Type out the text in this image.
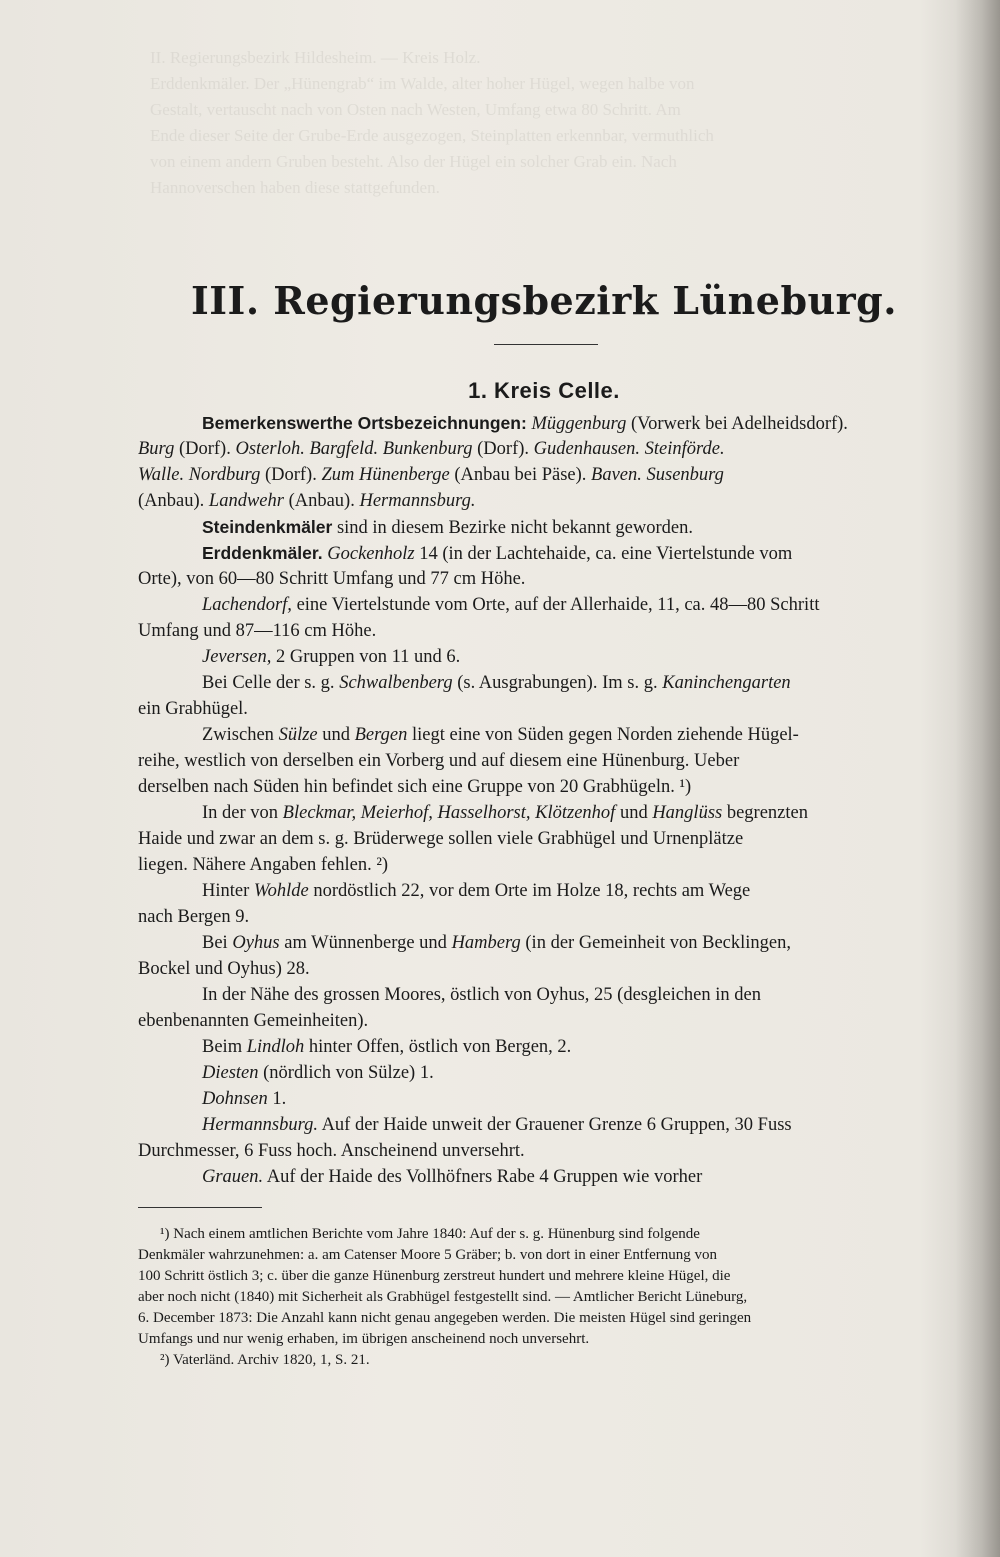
II. Regierungsbezirk Hildesheim. — Kreis Holz.
Erddenkmäler. Der „Hünengrab“ im Walde, alter hoher Hügel, wegen halbe von
Gestalt, vertauscht nach von Osten nach Westen, Umfang etwa 80 Schritt. Am
Ende dieser Seite der Grube-Erde ausgezogen, Steinplatten erkennbar, vermuthlich
von einem andern Gruben besteht. Also der Hügel ein solcher Grab ein. Nach
Hannoverschen haben diese stattgefunden.
III. Regierungsbezirk Lüneburg.
1. Kreis Celle.
Bemerkenswerthe Ortsbezeichnungen: Müggenburg (Vorwerk bei Adelheidsdorf).
Burg (Dorf). Osterloh. Bargfeld. Bunkenburg (Dorf). Gudenhausen. Steinförde.
Walle. Nordburg (Dorf). Zum Hünenberge (Anbau bei Päse). Baven. Susenburg
(Anbau). Landwehr (Anbau). Hermannsburg.
Steindenkmäler sind in diesem Bezirke nicht bekannt geworden.
Erddenkmäler. Gockenholz 14 (in der Lachtehaide, ca. eine Viertelstunde vom
Orte), von 60—80 Schritt Umfang und 77 cm Höhe.
Lachendorf, eine Viertelstunde vom Orte, auf der Allerhaide, 11, ca. 48—80 Schritt
Umfang und 87—116 cm Höhe.
Jeversen, 2 Gruppen von 11 und 6.
Bei Celle der s. g. Schwalbenberg (s. Ausgrabungen). Im s. g. Kaninchengarten
ein Grabhügel.
Zwischen Sülze und Bergen liegt eine von Süden gegen Norden ziehende Hügel-
reihe, westlich von derselben ein Vorberg und auf diesem eine Hünenburg. Ueber
derselben nach Süden hin befindet sich eine Gruppe von 20 Grabhügeln. ¹)
In der von Bleckmar, Meierhof, Hasselhorst, Klötzenhof und Hanglüss begrenzten
Haide und zwar an dem s. g. Brüderwege sollen viele Grabhügel und Urnenplätze
liegen. Nähere Angaben fehlen. ²)
Hinter Wohlde nordöstlich 22, vor dem Orte im Holze 18, rechts am Wege
nach Bergen 9.
Bei Oyhus am Wünnenberge und Hamberg (in der Gemeinheit von Becklingen,
Bockel und Oyhus) 28.
In der Nähe des grossen Moores, östlich von Oyhus, 25 (desgleichen in den
ebenbenannten Gemeinheiten).
Beim Lindloh hinter Offen, östlich von Bergen, 2.
Diesten (nördlich von Sülze) 1.
Dohnsen 1.
Hermannsburg. Auf der Haide unweit der Grauener Grenze 6 Gruppen, 30 Fuss
Durchmesser, 6 Fuss hoch. Anscheinend unversehrt.
Grauen. Auf der Haide des Vollhöfners Rabe 4 Gruppen wie vorher
¹) Nach einem amtlichen Berichte vom Jahre 1840: Auf der s. g. Hünenburg sind folgende
Denkmäler wahrzunehmen: a. am Catenser Moore 5 Gräber; b. von dort in einer Entfernung von
100 Schritt östlich 3; c. über die ganze Hünenburg zerstreut hundert und mehrere kleine Hügel, die
aber noch nicht (1840) mit Sicherheit als Grabhügel festgestellt sind. — Amtlicher Bericht Lüneburg,
6. December 1873: Die Anzahl kann nicht genau angegeben werden. Die meisten Hügel sind geringen
Umfangs und nur wenig erhaben, im übrigen anscheinend noch unversehrt.
²) Vaterländ. Archiv 1820, 1, S. 21.
